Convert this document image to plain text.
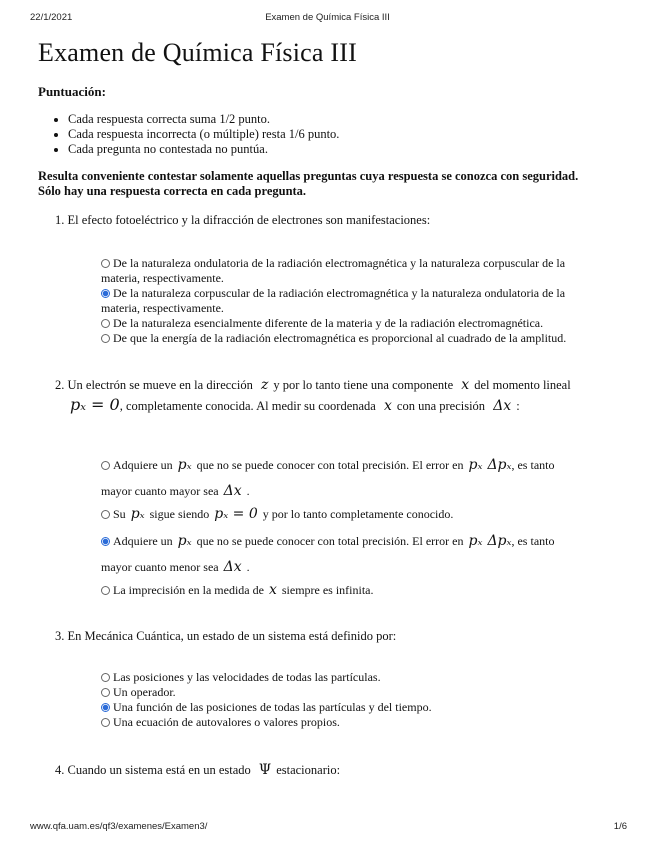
22/1/2021	Examen de Química Física III
Examen de Química Física III

Puntuación:

• Cada respuesta correcta suma 1/2 punto.
• Cada respuesta incorrecta (o múltiple) resta 1/6 punto.
• Cada pregunta no contestada no puntúa.

Resulta conveniente contestar solamente aquellas preguntas cuya respuesta se conozca con seguridad.
Sólo hay una respuesta correcta en cada pregunta.

1. El efecto fotoeléctrico y la difracción de electrones son manifestaciones:

De la naturaleza ondulatoria de la radiación electromagnética y la naturaleza corpuscular de la materia, respectivamente.

De la naturaleza corpuscular de la radiación electromagnética y la naturaleza ondulatoria de la materia, respectivamente.

De la naturaleza esencialmente diferente de la materia y de la radiación electromagnética.

De que la energía de la radiación electromagnética es proporcional al cuadrado de la amplitud.

2. Un electrón se mueve en la dirección z y por lo tanto tiene una componente x del momento lineal
pₓ = 0, completamente conocida. Al medir su coordenada x con una precisión Δx :

Adquiere un pₓ que no se puede conocer con total precisión. El error en pₓ Δpₓ, es tanto mayor cuanto mayor sea Δx .

Su pₓ sigue siendo pₓ = 0 y por lo tanto completamente conocido.

Adquiere un pₓ que no se puede conocer con total precisión. El error en pₓ Δpₓ, es tanto mayor cuanto menor sea Δx .

La imprecisión en la medida de x siempre es infinita.

3. En Mecánica Cuántica, un estado de un sistema está definido por:

Las posiciones y las velocidades de todas las partículas.

Un operador.

Una función de las posiciones de todas las partículas y del tiempo.

Una ecuación de autovalores o valores propios.

4. Cuando un sistema está en un estado Ψ estacionario:

www.qfa.uam.es/qf3/examenes/Examen3/	1/6
